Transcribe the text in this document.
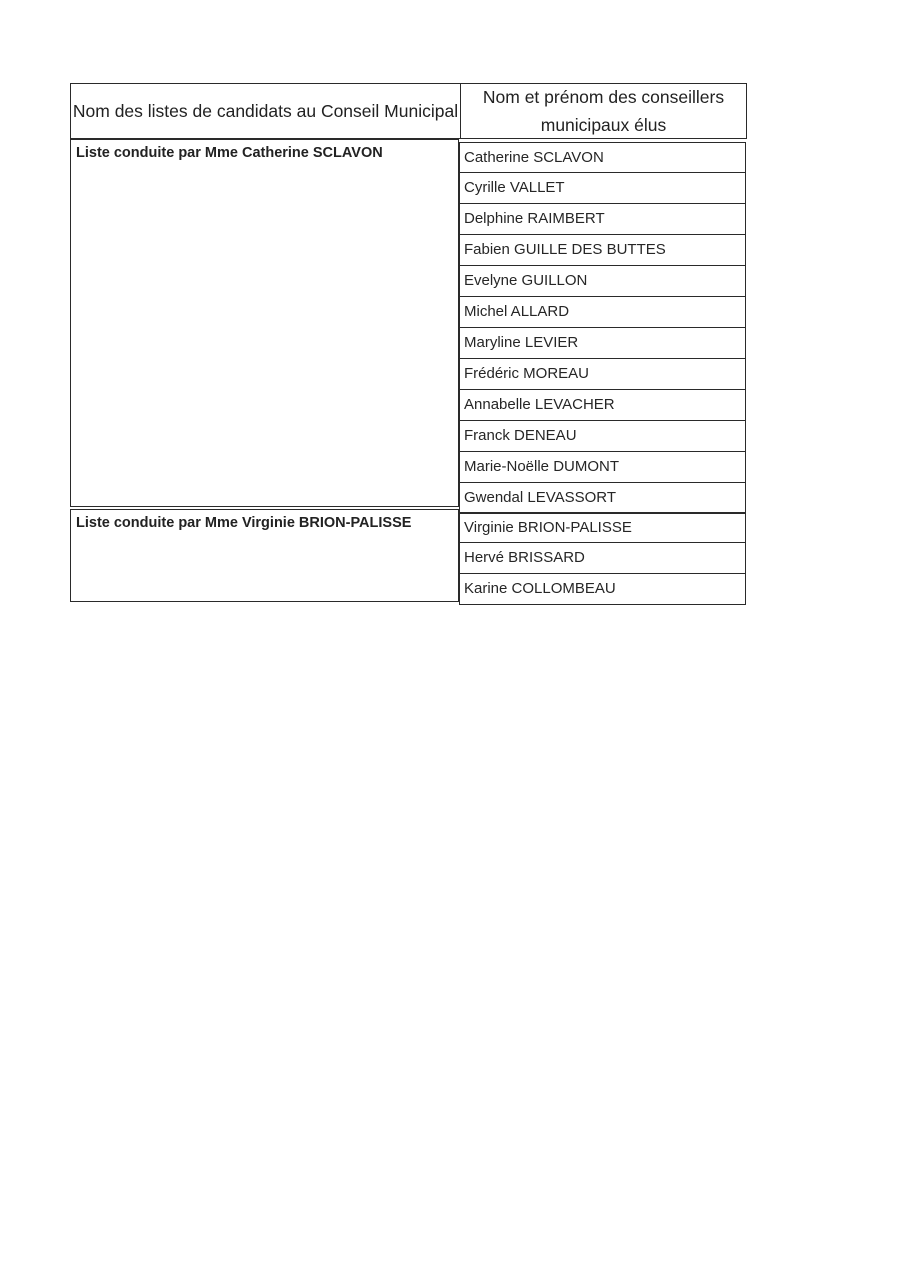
Nom des listes de candidats au Conseil Municipal
Nom et prénom des conseillers municipaux élus
Liste conduite par Mme Catherine SCLAVON	Catherine SCLAVON
Cyrille VALLET
Delphine RAIMBERT
Fabien GUILLE DES BUTTES
Evelyne GUILLON
Michel ALLARD
Maryline LEVIER
Frédéric MOREAU
Annabelle LEVACHER
Franck DENEAU
Marie-Noëlle DUMONT
Gwendal LEVASSORT
Liste conduite par Mme Virginie BRION-PALISSE	Virginie BRION-PALISSE
Hervé BRISSARD
Karine COLLOMBEAU
